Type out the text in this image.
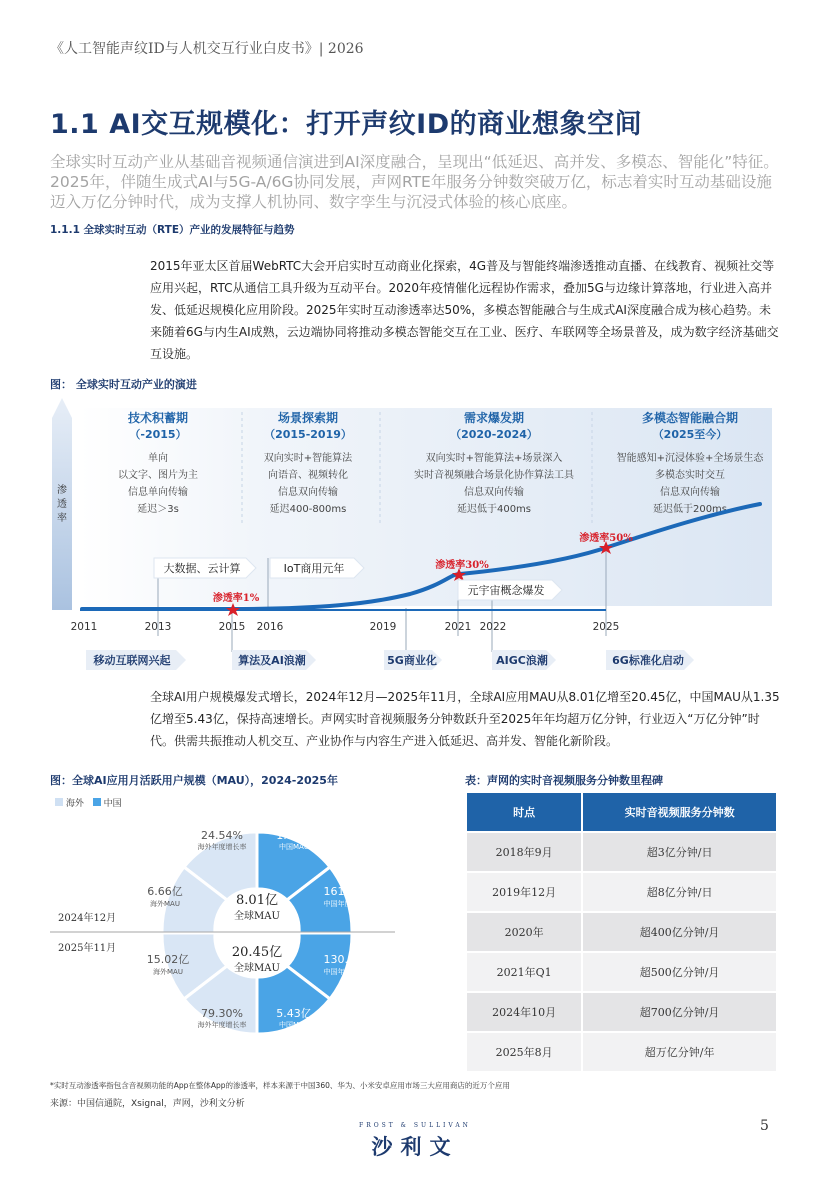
《人工智能声纹ID与人机交互行业白皮书》| 2026
1.1 AI交互规模化：打开声纹ID的商业想象空间
全球实时互动产业从基础音视频通信演进到AI深度融合，呈现出“低延迟、高并发、多模态、智能化”特征。2025年，伴随生成式AI与5G-A/6G协同发展，声网RTE年服务分钟数突破万亿，标志着实时互动基础设施迈入万亿分钟时代，成为支撑人机协同、数字孪生与沉浸式体验的核心底座。
1.1.1 全球实时互动（RTE）产业的发展特征与趋势
2015年亚太区首届WebRTC大会开启实时互动商业化探索，4G普及与智能终端渗透推动直播、在线教育、视频社交等应用兴起，RTC从通信工具升级为互动平台。2020年疫情催化远程协作需求，叠加5G与边缘计算落地，行业进入高并发、低延迟规模化应用阶段。2025年实时互动渗透率达50%，多模态智能融合与生成式AI深度融合成为核心趋势。未来随着6G与内生AI成熟，云边端协同将推动多模态智能交互在工业、医疗、车联网等全场景普及，成为数字经济基础交互设施。
图： 全球实时互动产业的演进
渗
透
率
技术积蓄期
（-2015）
单向
以文字、图片为主
信息单向传输
延迟＞3s
场景探索期
（2015-2019）
双向实时+智能算法
向语音、视频转化
信息双向传输
延迟400-800ms
需求爆发期
（2020-2024）
双向实时+智能算法+场景深入
实时音视频融合场景化协作算法工具
信息双向传输
延迟低于400ms
多模态智能融合期
（2025至今）
智能感知+沉浸体验+全场景生态
多模态实时交互
信息双向传输
延迟低于200ms
渗透率1%
渗透率30%
渗透率50%
大数据、云计算	IoT商用元年
元宇宙概念爆发
2011	2013	2015 2016	2019	2021 2022	2025
移动互联网兴起	算法及AI浪潮	5G商业化	AIGC浪潮	6G标准化启动
全球AI用户规模爆发式增长，2024年12月—2025年11月，全球AI应用MAU从8.01亿增至20.45亿，中国MAU从1.35亿增至5.43亿，保持高速增长。声网实时音视频服务分钟数跃升至2025年年均超万亿分钟，行业迈入“万亿分钟”时代。供需共振推动人机交互、产业协作与内容生产进入低延迟、高并发、智能化新阶段。
图：全球AI应用月活跃用户规模（MAU），2024-2025年	表：声网的实时音视频服务分钟数里程碑
海外 中国
2024年12月
2025年11月
8.01亿
全球MAU
20.45亿
全球MAU
24.54%
海外年度增长率
6.66亿
海外MAU
15.02亿
海外MAU
79.30%
海外年度增长率
1.35亿
中国MAU
161.15%
中国年度增长率
130.19%
中国年度增长率
5.43亿
中国MAU
时点	实时音视频服务分钟数
2018年9月	超3亿分钟/日
2019年12月	超8亿分钟/日
2020年	超400亿分钟/月
2021年Q1	超500亿分钟/月
2024年10月	超700亿分钟/月
2025年8月	超万亿分钟/年
*实时互动渗透率指包含音视频功能的App在整体App的渗透率，样本来源于中国360、华为、小米安卓应用市场三大应用商店的近万个应用
来源：中国信通院，Xsignal，声网，沙利文分析
FROST & SULLIVAN
沙利文
5
